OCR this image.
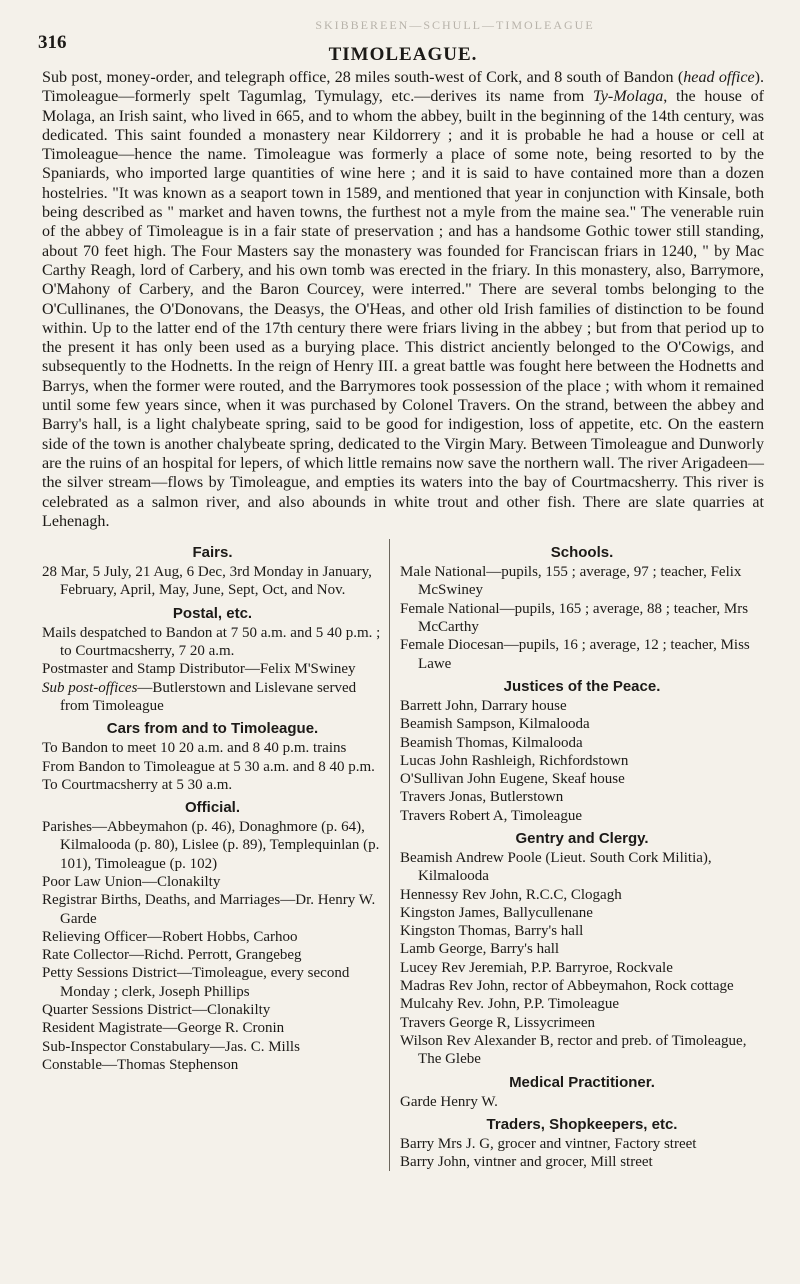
SKIBBEREEN—SCHULL—TIMOLEAGUE
316
TIMOLEAGUE.

Sub post, money-order, and telegraph office, 28 miles south-west of Cork, and 8 south of Bandon (head office). Timoleague—formerly spelt Tagumlag, Tymulagy, etc.—derives its name from Ty-Molaga, the house of Molaga, an Irish saint, who lived in 665, and to whom the abbey, built in the beginning of the 14th century, was dedicated. This saint founded a monastery near Kildorrery ; and it is probable he had a house or cell at Timoleague—hence the name. Timoleague was formerly a place of some note, being resorted to by the Spaniards, who imported large quantities of wine here ; and it is said to have contained more than a dozen hostelries. "It was known as a seaport town in 1589, and mentioned that year in conjunction with Kinsale, both being described as " market and haven towns, the furthest not a myle from the maine sea." The venerable ruin of the abbey of Timoleague is in a fair state of preservation ; and has a handsome Gothic tower still standing, about 70 feet high. The Four Masters say the monastery was founded for Franciscan friars in 1240, " by Mac Carthy Reagh, lord of Carbery, and his own tomb was erected in the friary. In this monastery, also, Barrymore, O'Mahony of Carbery, and the Baron Courcey, were interred." There are several tombs belonging to the O'Cullinanes, the O'Donovans, the Deasys, the O'Heas, and other old Irish families of distinction to be found within. Up to the latter end of the 17th century there were friars living in the abbey ; but from that period up to the present it has only been used as a burying place. This district anciently belonged to the O'Cowigs, and subsequently to the Hodnetts. In the reign of Henry III. a great battle was fought here between the Hodnetts and Barrys, when the former were routed, and the Barrymores took possession of the place ; with whom it remained until some few years since, when it was purchased by Colonel Travers. On the strand, between the abbey and Barry's hall, is a light chalybeate spring, said to be good for indigestion, loss of appetite, etc. On the eastern side of the town is another chalybeate spring, dedicated to the Virgin Mary. Between Timoleague and Dunworly are the ruins of an hospital for lepers, of which little remains now save the northern wall. The river Arigadeen—the silver stream—flows by Timoleague, and empties its waters into the bay of Courtmacsherry. This river is celebrated as a salmon river, and also abounds in white trout and other fish. There are slate quarries at Lehenagh.

Fairs.

28 Mar, 5 July, 21 Aug, 6 Dec, 3rd Monday in January, February, April, May, June, Sept, Oct, and Nov.

Postal, etc.

Mails despatched to Bandon at 7 50 a.m. and 5 40 p.m. ; to Courtmacsherry, 7 20 a.m.

Postmaster and Stamp Distributor—Felix M'Swiney

Sub post-offices—Butlerstown and Lislevane served from Timoleague

Cars from and to Timoleague.

To Bandon to meet 10 20 a.m. and 8 40 p.m. trains

From Bandon to Timoleague at 5 30 a.m. and 8 40 p.m.

To Courtmacsherry at 5 30 a.m.

Official.

Parishes—Abbeymahon (p. 46), Donaghmore (p. 64), Kilmalooda (p. 80), Lislee (p. 89), Templequinlan (p. 101), Timoleague (p. 102)

Poor Law Union—Clonakilty

Registrar Births, Deaths, and Marriages—Dr. Henry W. Garde

Relieving Officer—Robert Hobbs, Carhoo

Rate Collector—Richd. Perrott, Grangebeg

Petty Sessions District—Timoleague, every second Monday ; clerk, Joseph Phillips

Quarter Sessions District—Clonakilty

Resident Magistrate—George R. Cronin

Sub-Inspector Constabulary—Jas. C. Mills

Constable—Thomas Stephenson

Schools.

Male National—pupils, 155 ; average, 97 ; teacher, Felix McSwiney

Female National—pupils, 165 ; average, 88 ; teacher, Mrs McCarthy

Female Diocesan—pupils, 16 ; average, 12 ; teacher, Miss Lawe

Justices of the Peace.

Barrett John, Darrary house

Beamish Sampson, Kilmalooda

Beamish Thomas, Kilmalooda

Lucas John Rashleigh, Richfordstown

O'Sullivan John Eugene, Skeaf house

Travers Jonas, Butlerstown

Travers Robert A, Timoleague

Gentry and Clergy.

Beamish Andrew Poole (Lieut. South Cork Militia), Kilmalooda

Hennessy Rev John, R.C.C, Clogagh

Kingston James, Ballycullenane

Kingston Thomas, Barry's hall

Lamb George, Barry's hall

Lucey Rev Jeremiah, P.P. Barryroe, Rockvale

Madras Rev John, rector of Abbeymahon, Rock cottage

Mulcahy Rev. John, P.P. Timoleague

Travers George R, Lissycrimeen

Wilson Rev Alexander B, rector and preb. of Timoleague, The Glebe

Medical Practitioner.

Garde Henry W.

Traders, Shopkeepers, etc.

Barry Mrs J. G, grocer and vintner, Factory street

Barry John, vintner and grocer, Mill street
